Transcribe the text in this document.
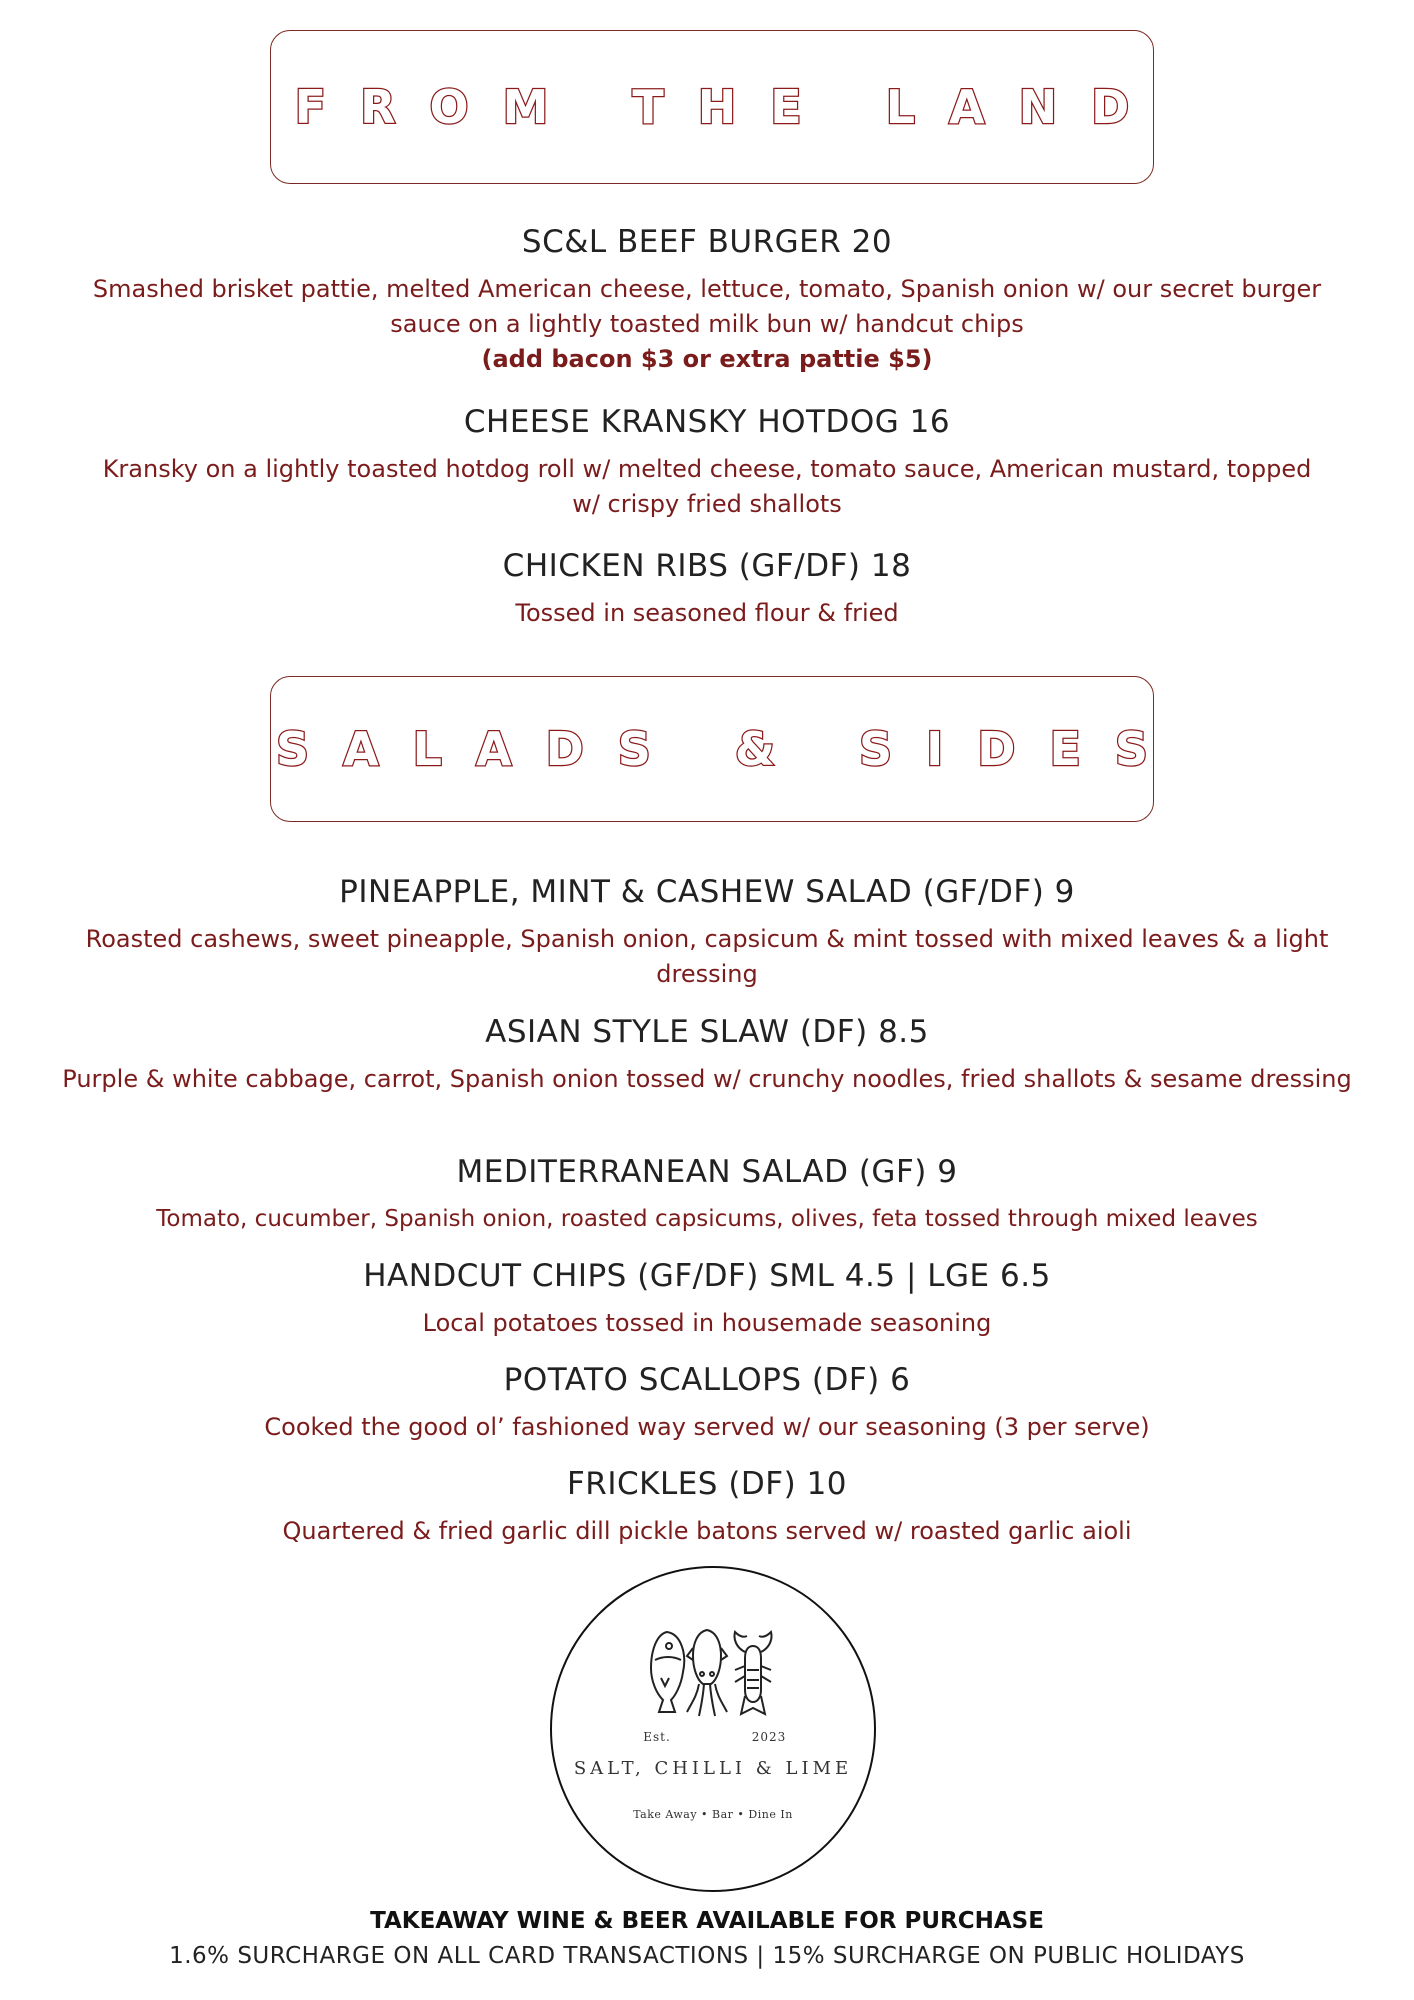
FROM THE LAND
SC&L BEEF BURGER 20
Smashed brisket pattie, melted American cheese, lettuce, tomato, Spanish onion w/ our secret burger sauce on a lightly toasted milk bun w/ handcut chips
(add bacon $3 or extra pattie $5)
CHEESE KRANSKY HOTDOG 16
Kransky on a lightly toasted hotdog roll w/ melted cheese, tomato sauce, American mustard, topped w/ crispy fried shallots
CHICKEN RIBS (GF/DF) 18
Tossed in seasoned flour & fried
SALADS & SIDES
PINEAPPLE, MINT & CASHEW SALAD (GF/DF) 9
Roasted cashews, sweet pineapple, Spanish onion, capsicum & mint tossed with mixed leaves & a light dressing
ASIAN STYLE SLAW (DF) 8.5
Purple & white cabbage, carrot, Spanish onion tossed w/ crunchy noodles, fried shallots & sesame dressing
MEDITERRANEAN SALAD (GF) 9
Tomato, cucumber, Spanish onion, roasted capsicums, olives, feta tossed through mixed leaves
HANDCUT CHIPS (GF/DF) SML 4.5 | LGE 6.5
Local potatoes tossed in housemade seasoning
POTATO SCALLOPS (DF) 6
Cooked the good ol’ fashioned way served w/ our seasoning (3 per serve)
FRICKLES (DF) 10
Quartered & fried garlic dill pickle batons served w/ roasted garlic aioli
Est.	2023
SALT, CHILLI & LIME
Take Away • Bar • Dine In
TAKEAWAY WINE & BEER AVAILABLE FOR PURCHASE
1.6% SURCHARGE ON ALL CARD TRANSACTIONS | 15% SURCHARGE ON PUBLIC HOLIDAYS
